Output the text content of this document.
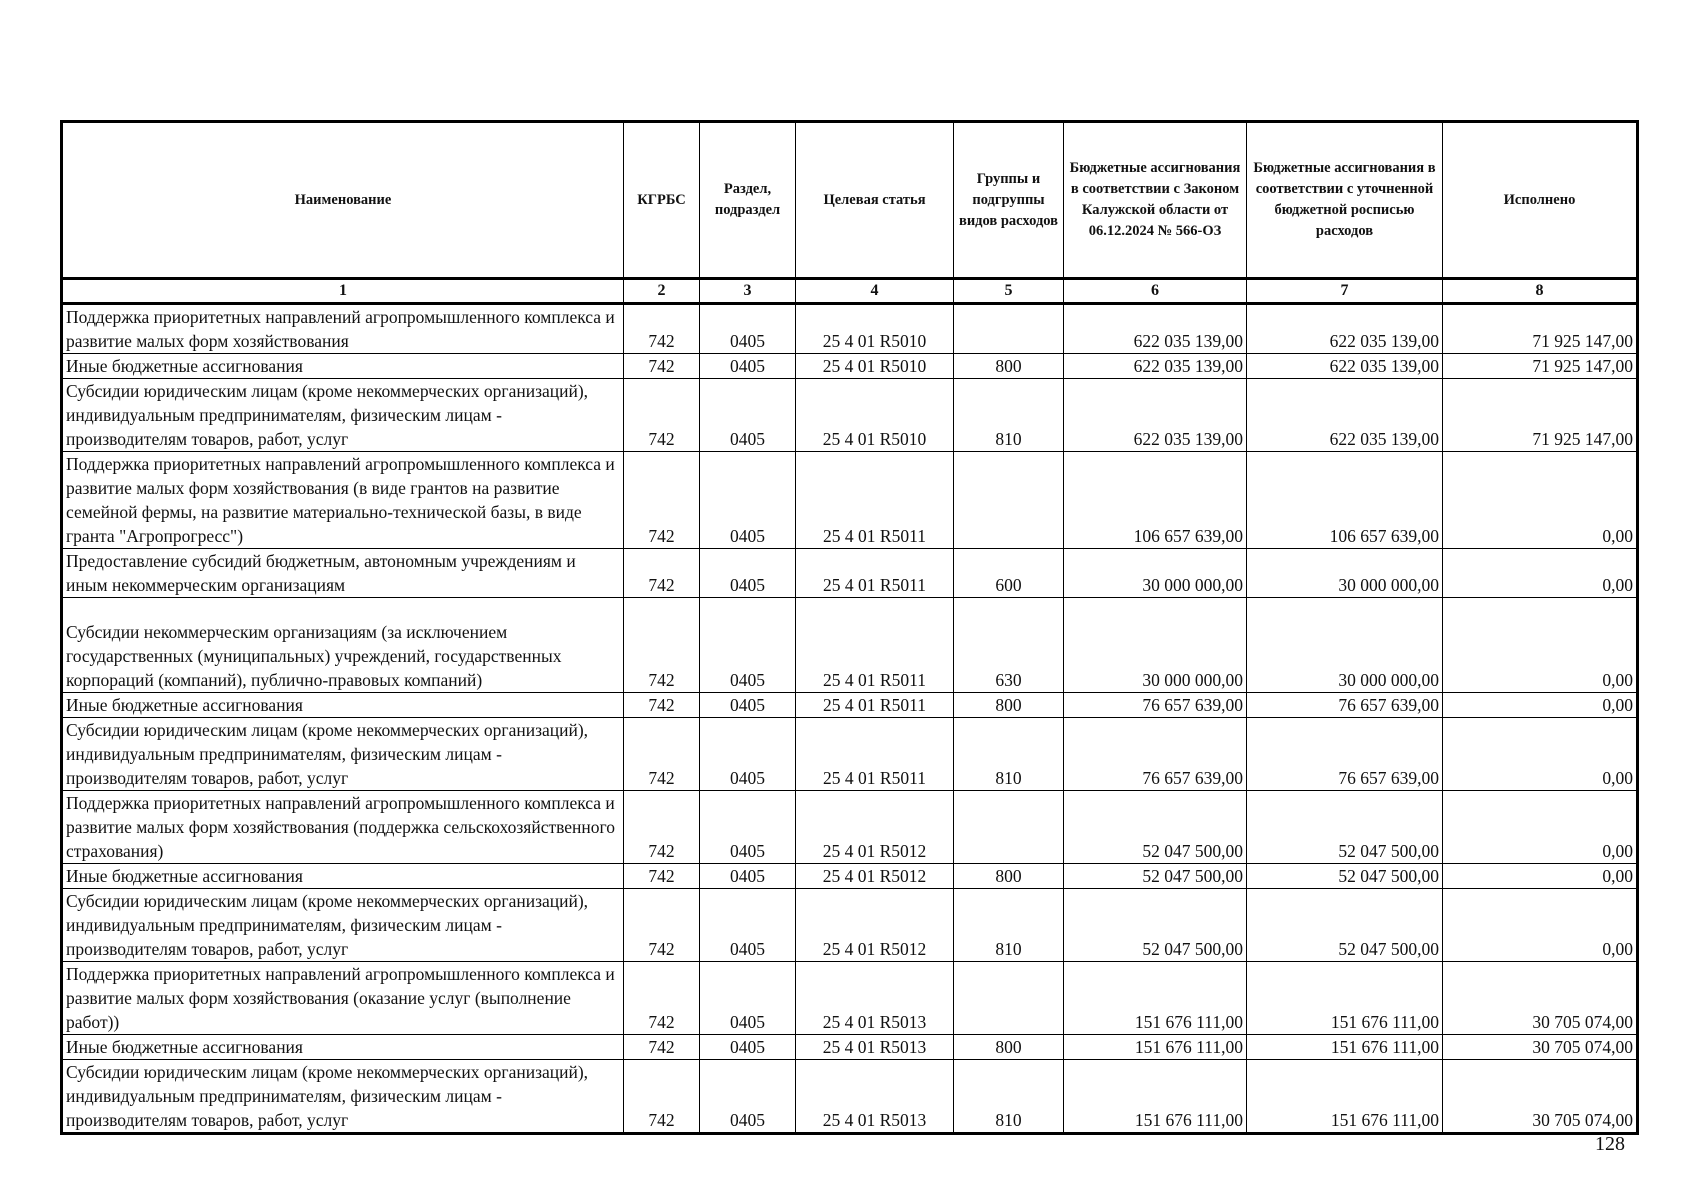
Наименование	КГРБС	Раздел, подраздел	Целевая статья	Группы и подгруппы видов расходов	Бюджетные ассигнования в соответствии с Законом Калужской области от 06.12.2024 № 566-ОЗ	Бюджетные ассигнования в соответствии с уточненной бюджетной росписью расходов	Исполнено
1	2	3	4	5	6	7	8
Поддержка приоритетных направлений агропромышленного комплекса и развитие малых форм хозяйствования	742	0405	25 4 01 R5010		622 035 139,00	622 035 139,00	71 925 147,00
Иные бюджетные ассигнования	742	0405	25 4 01 R5010	800	622 035 139,00	622 035 139,00	71 925 147,00
Субсидии юридическим лицам (кроме некоммерческих организаций), индивидуальным предпринимателям, физическим лицам - производителям товаров, работ, услуг	742	0405	25 4 01 R5010	810	622 035 139,00	622 035 139,00	71 925 147,00
Поддержка приоритетных направлений агропромышленного комплекса и развитие малых форм хозяйствования (в виде грантов на развитие семейной фермы, на развитие материально-технической базы, в виде гранта "Агропрогресс")	742	0405	25 4 01 R5011		106 657 639,00	106 657 639,00	0,00
Предоставление субсидий бюджетным, автономным учреждениям и иным некоммерческим организациям	742	0405	25 4 01 R5011	600	30 000 000,00	30 000 000,00	0,00
Субсидии некоммерческим организациям (за исключением государственных (муниципальных) учреждений, государственных корпораций (компаний), публично-правовых компаний)	742	0405	25 4 01 R5011	630	30 000 000,00	30 000 000,00	0,00
Иные бюджетные ассигнования	742	0405	25 4 01 R5011	800	76 657 639,00	76 657 639,00	0,00
Субсидии юридическим лицам (кроме некоммерческих организаций), индивидуальным предпринимателям, физическим лицам - производителям товаров, работ, услуг	742	0405	25 4 01 R5011	810	76 657 639,00	76 657 639,00	0,00
Поддержка приоритетных направлений агропромышленного комплекса и развитие малых форм хозяйствования (поддержка сельскохозяйственного страхования)	742	0405	25 4 01 R5012		52 047 500,00	52 047 500,00	0,00
Иные бюджетные ассигнования	742	0405	25 4 01 R5012	800	52 047 500,00	52 047 500,00	0,00
Субсидии юридическим лицам (кроме некоммерческих организаций), индивидуальным предпринимателям, физическим лицам - производителям товаров, работ, услуг	742	0405	25 4 01 R5012	810	52 047 500,00	52 047 500,00	0,00
Поддержка приоритетных направлений агропромышленного комплекса и развитие малых форм хозяйствования (оказание услуг (выполнение работ))	742	0405	25 4 01 R5013		151 676 111,00	151 676 111,00	30 705 074,00
Иные бюджетные ассигнования	742	0405	25 4 01 R5013	800	151 676 111,00	151 676 111,00	30 705 074,00
Субсидии юридическим лицам (кроме некоммерческих организаций), индивидуальным предпринимателям, физическим лицам - производителям товаров, работ, услуг	742	0405	25 4 01 R5013	810	151 676 111,00	151 676 111,00	30 705 074,00
128
